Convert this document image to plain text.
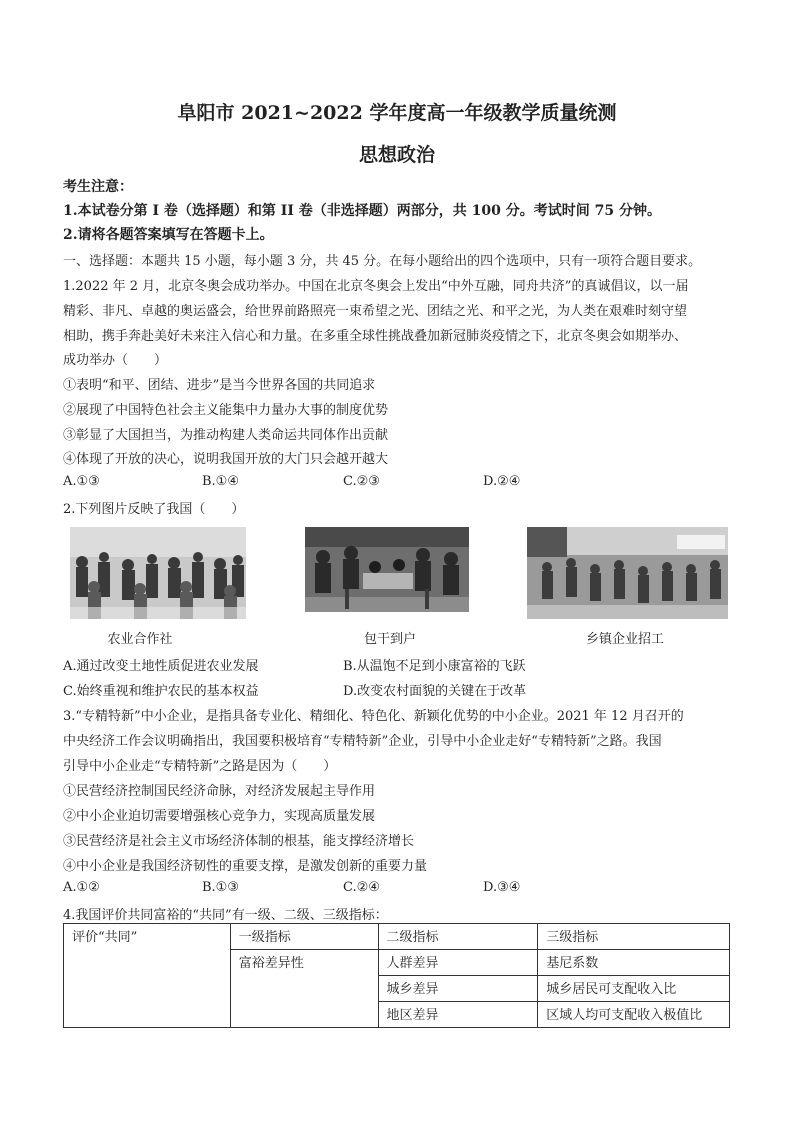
阜阳市 2021~2022 学年度高一年级教学质量统测
思想政治
考生注意：
1.本试卷分第 I 卷（选择题）和第 II 卷（非选择题）两部分，共 100 分。考试时间 75 分钟。
2.请将各题答案填写在答题卡上。
一、选择题：本题共 15 小题，每小题 3 分，共 45 分。在每小题给出的四个选项中，只有一项符合题目要求。
1.2022 年 2 月，北京冬奥会成功举办。中国在北京冬奥会上发出“中外互融，同舟共济”的真诚倡议，以一届
精彩、非凡、卓越的奥运盛会，给世界前路照亮一束希望之光、团结之光、和平之光，为人类在艰难时刻守望
相助，携手奔赴美好未来注入信心和力量。在多重全球性挑战叠加新冠肺炎疫情之下，北京冬奥会如期举办、
成功举办（　　）
①表明“和平、团结、进步”是当今世界各国的共同追求
②展现了中国特色社会主义能集中力量办大事的制度优势
③彰显了大国担当，为推动构建人类命运共同体作出贡献
④体现了开放的决心，说明我国开放的大门只会越开越大
A.①③	B.①④	C.②③	D.②④
2.下列图片反映了我国（　　）
农业合作社	包干到户	乡镇企业招工
A.通过改变土地性质促进农业发展	B.从温饱不足到小康富裕的飞跃
C.始终重视和维护农民的基本权益	D.改变农村面貌的关键在于改革
3.“专精特新”中小企业，是指具备专业化、精细化、特色化、新颖化优势的中小企业。2021 年 12 月召开的
中央经济工作会议明确指出，我国要积极培育“专精特新”企业，引导中小企业走好“专精特新”之路。我国
引导中小企业走“专精特新”之路是因为（　　）
①民营经济控制国民经济命脉，对经济发展起主导作用
②中小企业迫切需要增强核心竞争力，实现高质量发展
③民营经济是社会主义市场经济体制的根基，能支撑经济增长
④中小企业是我国经济韧性的重要支撑，是激发创新的重要力量
A.①②	B.①③	C.②④	D.③④
4.我国评价共同富裕的“共同”有一级、二级、三级指标：
评价“共同”	一级指标	二级指标	三级指标
	富裕差异性	人群差异	基尼系数
		城乡差异	城乡居民可支配收入比
		地区差异	区域人均可支配收入极值比
